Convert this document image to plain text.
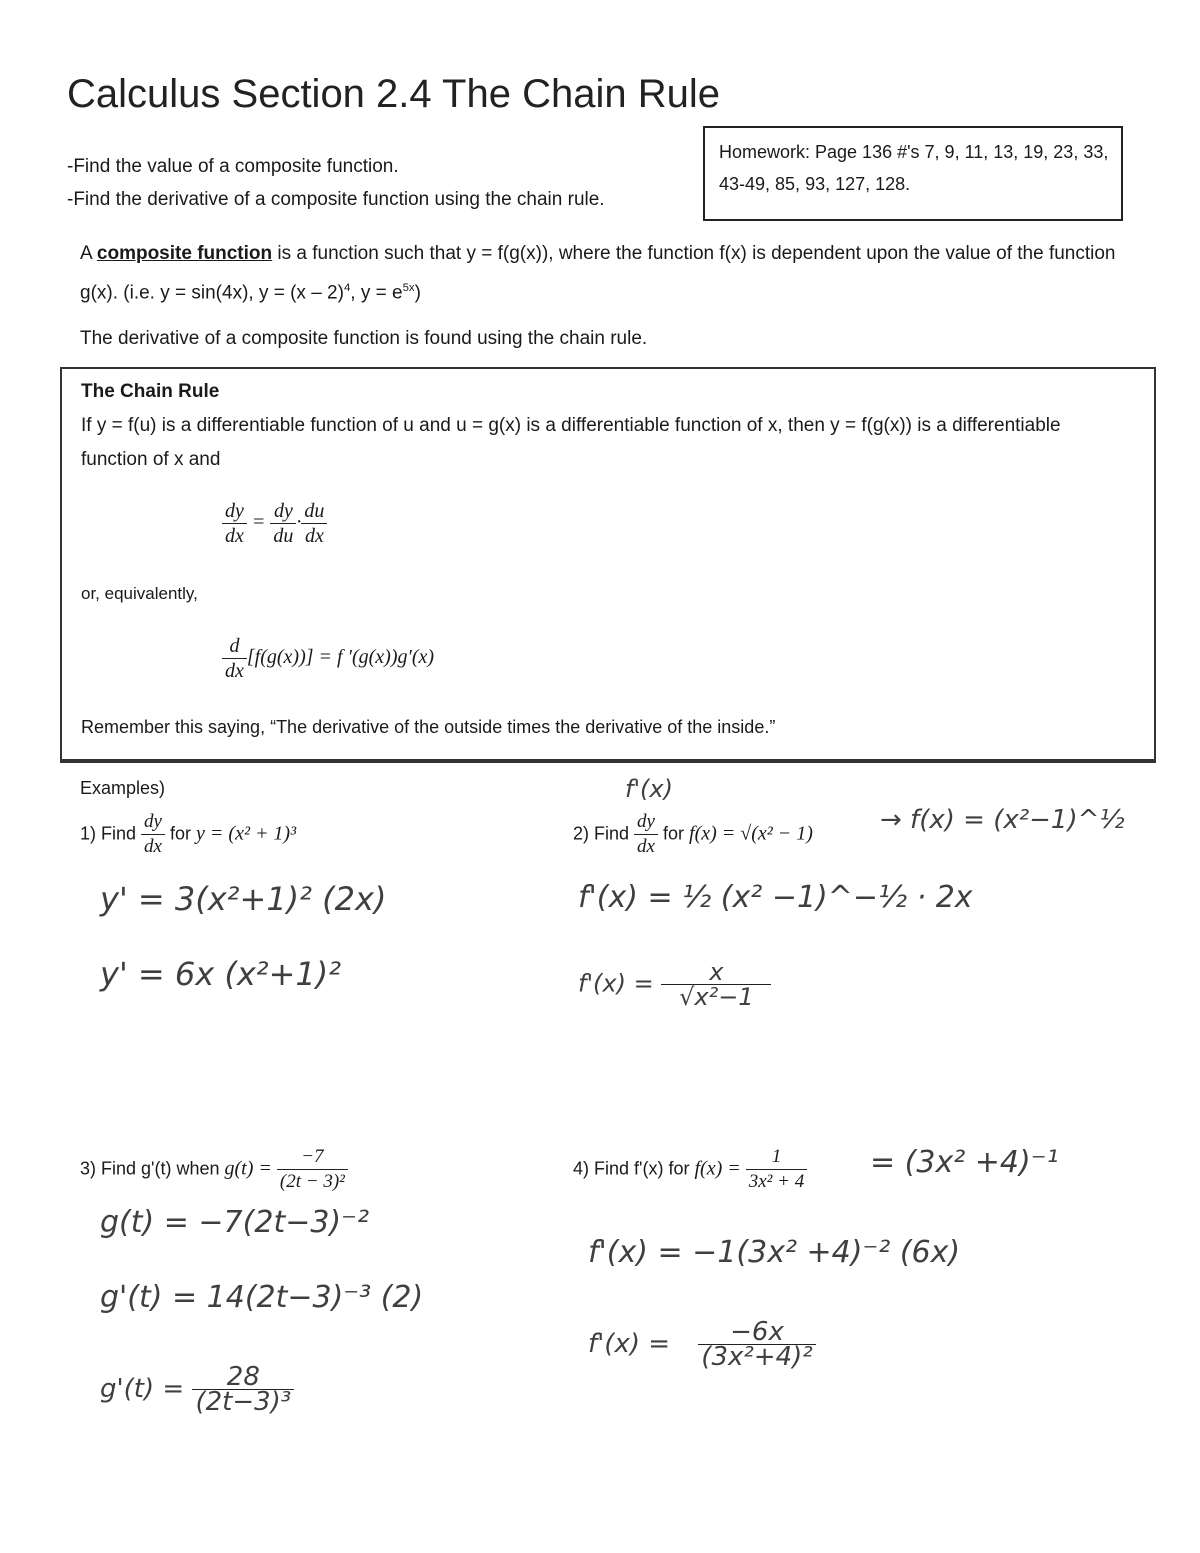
Calculus Section 2.4 The Chain Rule
-Find the value of a composite function.
-Find the derivative of a composite function using the chain rule.
Homework: Page 136 #'s 7, 9, 11, 13, 19, 23, 33, 43-49, 85, 93, 127, 128.
A composite function is a function such that y = f(g(x)), where the function f(x) is dependent upon the value of the function g(x). (i.e. y = sin(4x), y = (x – 2)$^4$, $y = e^{5x}$)
The derivative of a composite function is found using the chain rule.
The Chain Rule
If y = f(u) is a differentiable function of u and u = g(x) is a differentiable function of x, then y = f(g(x)) is a differentiable function of x and
$\frac{dy}{dx} = \frac{dy}{du} \cdot \frac{du}{dx}$
or, equivalently,
$\frac{d}{dx} [f(g(x))] = f$ ′(g(x))g′(x)
Remember this saying, “The derivative of the outside times the derivative of the inside.”
Examples)
1) Find $\frac{dy}{dx}$ for y = (x² + 1)³
y' = 3(x²+1)² (2x)
y' = 6x (x²+1)²
f'(x)
2) Find $\frac{dy}{dx}$ for f(x) = √(x² − 1)	→ f(x) = (x²−1)^½
f'(x) = ½ (x² −1)^−½ · 2x
$f'(x) = \frac{x}{\text{√x²−1}}$
3) Find g'(t) when $g(t) = \frac{-7}{\text{(2t − 3)²}}$
g(t) = −7(2t−3)⁻²
g'(t) = 14(2t−3)⁻³ (2)
$g'(t) = \frac{28}{\text{(2t−3)³}}$
4) Find f'(x) for $f(x) = \frac{1}{\text{3x² + 4}} = (3x^2 +4)^{-1}$
f'(x) = −1(3x² +4)⁻² (6x)
$f'(x) = \frac{-6x}{\text{(3x²+4)²}}$
